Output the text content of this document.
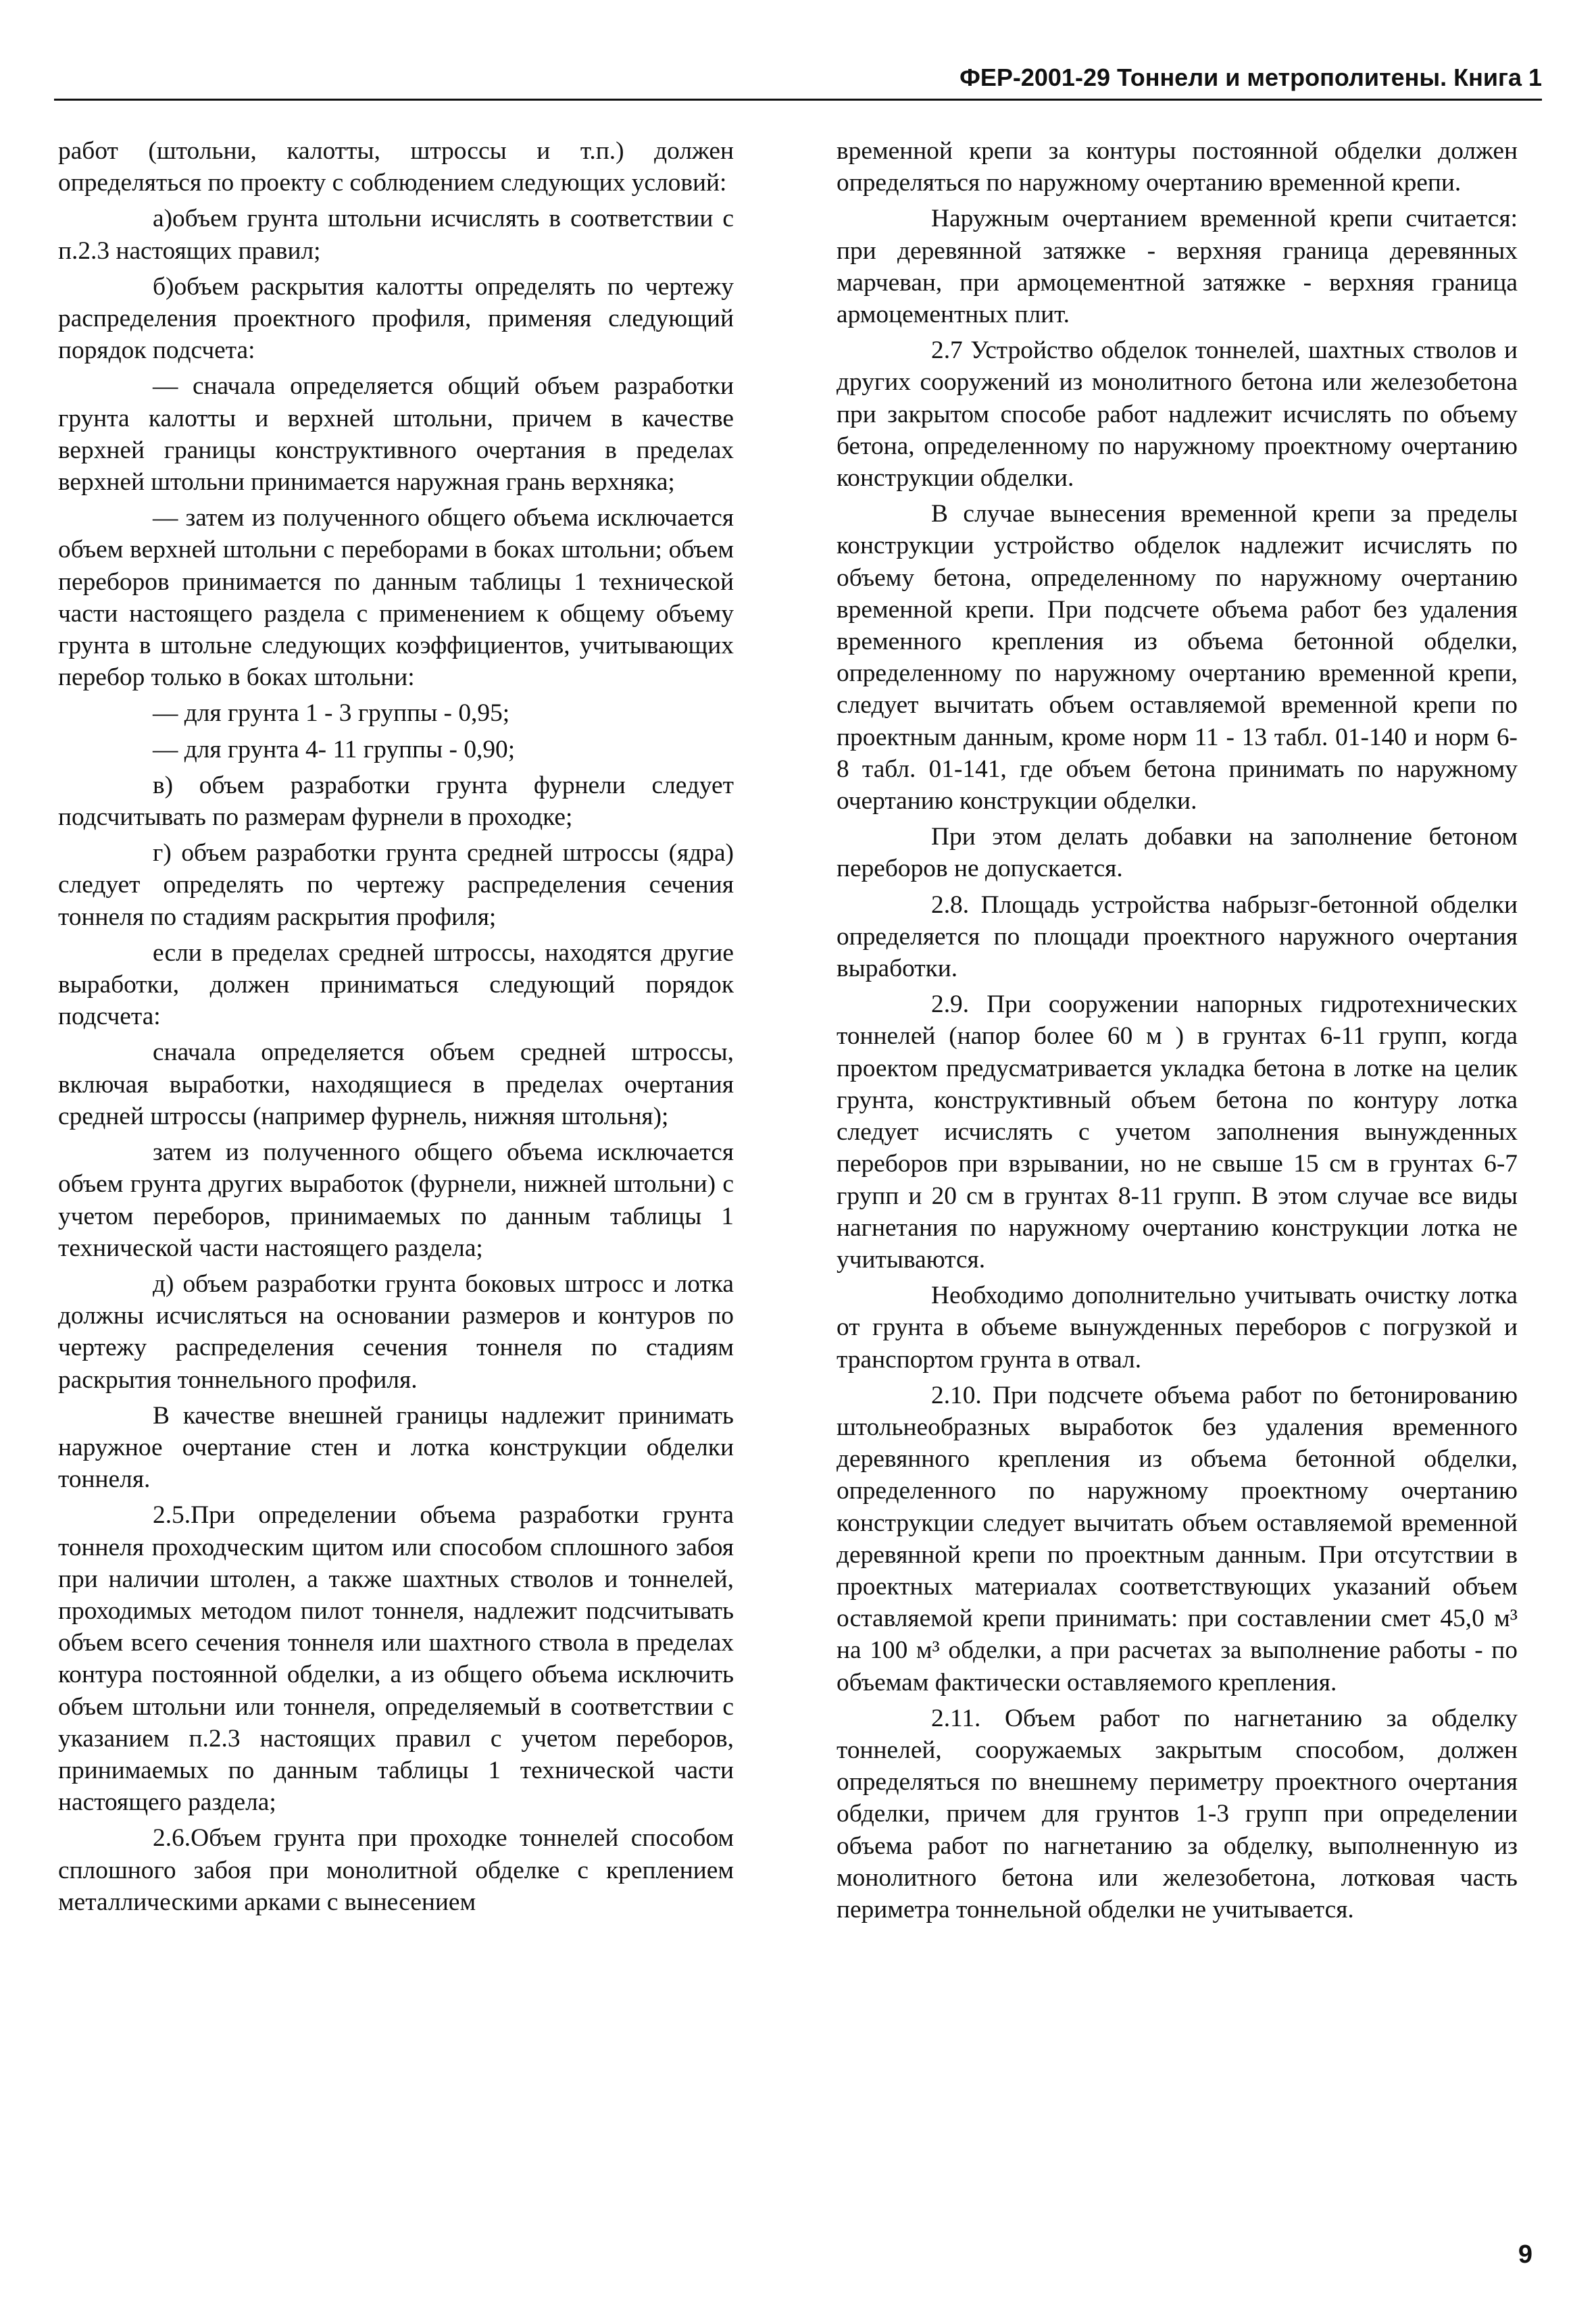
ФЕР-2001-29 Тоннели и метрополитены. Книга 1

работ (штольни, калотты, штроссы и т.п.) должен определяться по проекту с соблюдением следующих условий:

а)объем грунта штольни исчислять в соответствии с п.2.3 настоящих правил;

б)объем раскрытия калотты определять по чертежу распределения проектного профиля, применяя следующий порядок подсчета:

— сначала определяется общий объем разработки грунта калотты и верхней штольни, причем в качестве верхней границы конструктивного очертания в пределах верхней штольни принимается наружная грань верхняка;

— затем из полученного общего объема исключается объем верхней штольни с переборами в боках штольни; объем переборов принимается по данным таблицы 1 технической части настоящего раздела с применением к общему объему грунта в штольне следующих коэффициентов, учитывающих перебор только в боках штольни:

— для грунта 1 - 3 группы - 0,95;

— для грунта 4- 11 группы - 0,90;

в) объем разработки грунта фурнели следует подсчитывать по размерам фурнели в проходке;

г) объем разработки грунта средней штроссы (ядра) следует определять по чертежу распределения сечения тоннеля по стадиям раскрытия профиля;

если в пределах средней штроссы, находятся другие выработки, должен приниматься следующий порядок подсчета:

сначала определяется объем средней штроссы, включая выработки, находящиеся в пределах очертания средней штроссы (например фурнель, нижняя штольня);

затем из полученного общего объема исключается объем грунта других выработок (фурнели, нижней штольни) с учетом переборов, принимаемых по данным таблицы 1 технической части настоящего раздела;

д) объем разработки грунта боковых штросс и лотка должны исчисляться на основании размеров и контуров по чертежу распределения сечения тоннеля по стадиям раскрытия тоннельного профиля.

В качестве внешней границы надлежит принимать наружное очертание стен и лотка конструкции обделки тоннеля.

2.5.При определении объема разработки грунта тоннеля проходческим щитом или способом сплошного забоя при наличии штолен, а также шахтных стволов и тоннелей, проходимых методом пилот тоннеля, надлежит подсчитывать объем всего сечения тоннеля или шахтного ствола в пределах контура постоянной обделки, а из общего объема исключить объем штольни или тоннеля, определяемый в соответствии с указанием п.2.3 настоящих правил с учетом переборов, принимаемых по данным таблицы 1 технической части настоящего раздела;

2.6.Объем грунта при проходке тоннелей способом сплошного забоя при монолитной обделке с креплением металлическими арками с вынесением

временной крепи за контуры постоянной обделки должен определяться по наружному очертанию временной крепи.

Наружным очертанием временной крепи считается: при деревянной затяжке - верхняя граница деревянных марчеван, при армоцементной затяжке - верхняя граница армоцементных плит.

2.7 Устройство обделок тоннелей, шахтных стволов и других сооружений из монолитного бетона или железобетона при закрытом способе работ надлежит исчислять по объему бетона, определенному по наружному проектному очертанию конструкции обделки.

В случае вынесения временной крепи за пределы конструкции устройство обделок надлежит исчислять по объему бетона, определенному по наружному очертанию временной крепи. При подсчете объема работ без удаления временного крепления из объема бетонной обделки, определенному по наружному очертанию временной крепи, следует вычитать объем оставляемой временной крепи по проектным данным, кроме норм 11 - 13 табл. 01-140 и норм 6-8 табл. 01-141, где объем бетона принимать по наружному очертанию конструкции обделки.

При этом делать добавки на заполнение бетоном переборов не допускается.

2.8. Площадь устройства набрызг-бетонной обделки определяется по площади проектного наружного очертания выработки.

2.9. При сооружении напорных гидротехнических тоннелей (напор более 60 м ) в грунтах 6-11 групп, когда проектом предусматривается укладка бетона в лотке на целик грунта, конструктивный объем бетона по контуру лотка следует исчислять с учетом заполнения вынужденных переборов при взрывании, но не свыше 15 см в грунтах 6-7 групп и 20 см в грунтах 8-11 групп. В этом случае все виды нагнетания по наружному очертанию конструкции лотка не учитываются.

Необходимо дополнительно учитывать очистку лотка от грунта в объеме вынужденных переборов с погрузкой и транспортом грунта в отвал.

2.10. При подсчете объема работ по бетонированию штольнеобразных выработок без удаления временного деревянного крепления из объема бетонной обделки, определенного по наружному проектному очертанию конструкции следует вычитать объем оставляемой временной деревянной крепи по проектным данным. При отсутствии в проектных материалах соответствующих указаний объем оставляемой крепи принимать: при составлении смет 45,0 м³ на 100 м³ обделки, а при расчетах за выполнение работы - по объемам фактически оставляемого крепления.

2.11. Объем работ по нагнетанию за обделку тоннелей, сооружаемых закрытым способом, должен определяться по внешнему периметру проектного очертания обделки, причем для грунтов 1-3 групп при определении объема работ по нагнетанию за обделку, выполненную из монолитного бетона или железобетона, лотковая часть периметра тоннельной обделки не учитывается.

9
